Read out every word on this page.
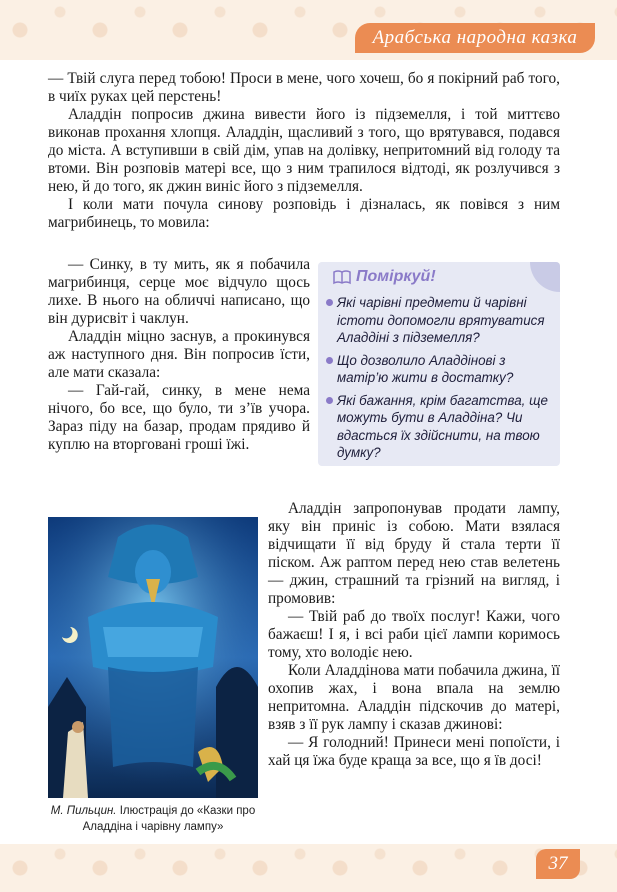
Арабська народна казка

— Твій слуга перед тобою! Проси в мене, чого хочеш, бо я покірний раб того, в чиїх руках цей перстень!

Аладдін попросив джина вивести його із підземелля, і той миттєво виконав прохання хлопця. Аладдін, щасливий з того, що врятувався, подався до міста. А вступивши в свій дім, упав на долівку, непритомний від голоду та втоми. Він розповів матері все, що з ним трапилося відтоді, як розлучився з нею, й до того, як джин виніс його з підземелля.

І коли мати почула синову розповідь і дізналась, як повівся з ним магрибинець, то мовила:

— Синку, в ту мить, як я побачила магрибинця, серце моє відчуло щось лихе. В нього на обличчі написано, що він дурисвіт і чаклун.

Аладдін міцно заснув, а прокинувся аж наступного дня. Він попросив їсти, але мати сказала:

— Гай-гай, синку, в мене нема нічого, бо все, що було, ти з’їв учора. Зараз піду на базар, продам прядиво й куплю на вторговані гроші їжі.

Поміркуй!
Які чарівні предмети й чарівні істоти допомогли врятуватися Аладдіні з підземелля?
Що дозволило Аладдінові з матір’ю жити в достатку?
Які бажання, крім багатства, ще можуть бути в Аладдіна? Чи вдасться їх здійснити, на твою думку?
М. Пильцин. Ілюстрація до «Казки про Аладдіна і чарівну лампу»

Аладдін запропонував продати лампу, яку він приніс із собою. Мати взялася відчищати її від бруду й стала терти її піском. Аж раптом перед нею став велетень — джин, страшний та грізний на вигляд, і промовив:

— Твій раб до твоїх послуг! Кажи, чого бажаєш! І я, і всі раби цієї лампи коримось тому, хто володіє нею.

Коли Аладдінова мати побачила джина, її охопив жах, і вона впала на землю непритомна. Аладдін підскочив до матері, взяв з її рук лампу і сказав джинові:

— Я голодний! Принеси мені попоїсти, і хай ця їжа буде краща за все, що я їв досі!

37
